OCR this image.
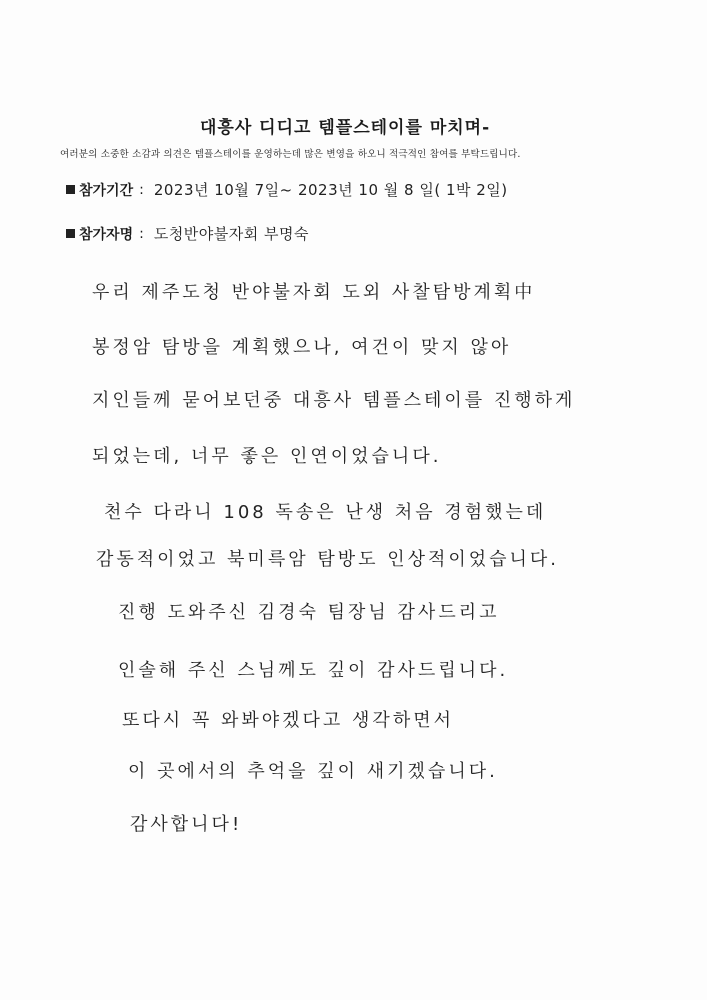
대흥사 디디고 템플스테이를 마치며-
여러분의 소중한 소감과 의견은 템플스테이를 운영하는데 많은 변영을 하오니 적극적인 참여를 부탁드립니다.
참가기간 : 2023년 10월 7일~ 2023년 10 월 8 일( 1박 2일)
참가자명 : 도청반야불자회 부명숙
우리 제주도청 반야불자회 도외 사찰탐방계획中
봉정암 탐방을 계획했으나, 여건이 맞지 않아
지인들께 묻어보던중 대흥사 템플스테이를 진행하게
되었는데, 너무 좋은 인연이었습니다.
천수 다라니 108 독송은 난생 처음 경험했는데
감동적이었고 북미륵암 탐방도 인상적이었습니다.
진행 도와주신 김경숙 팀장님 감사드리고
인솔해 주신 스님께도 깊이 감사드립니다.
또다시 꼭 와봐야겠다고 생각하면서
이 곳에서의 추억을 깊이 새기겠습니다.
감사합니다!
